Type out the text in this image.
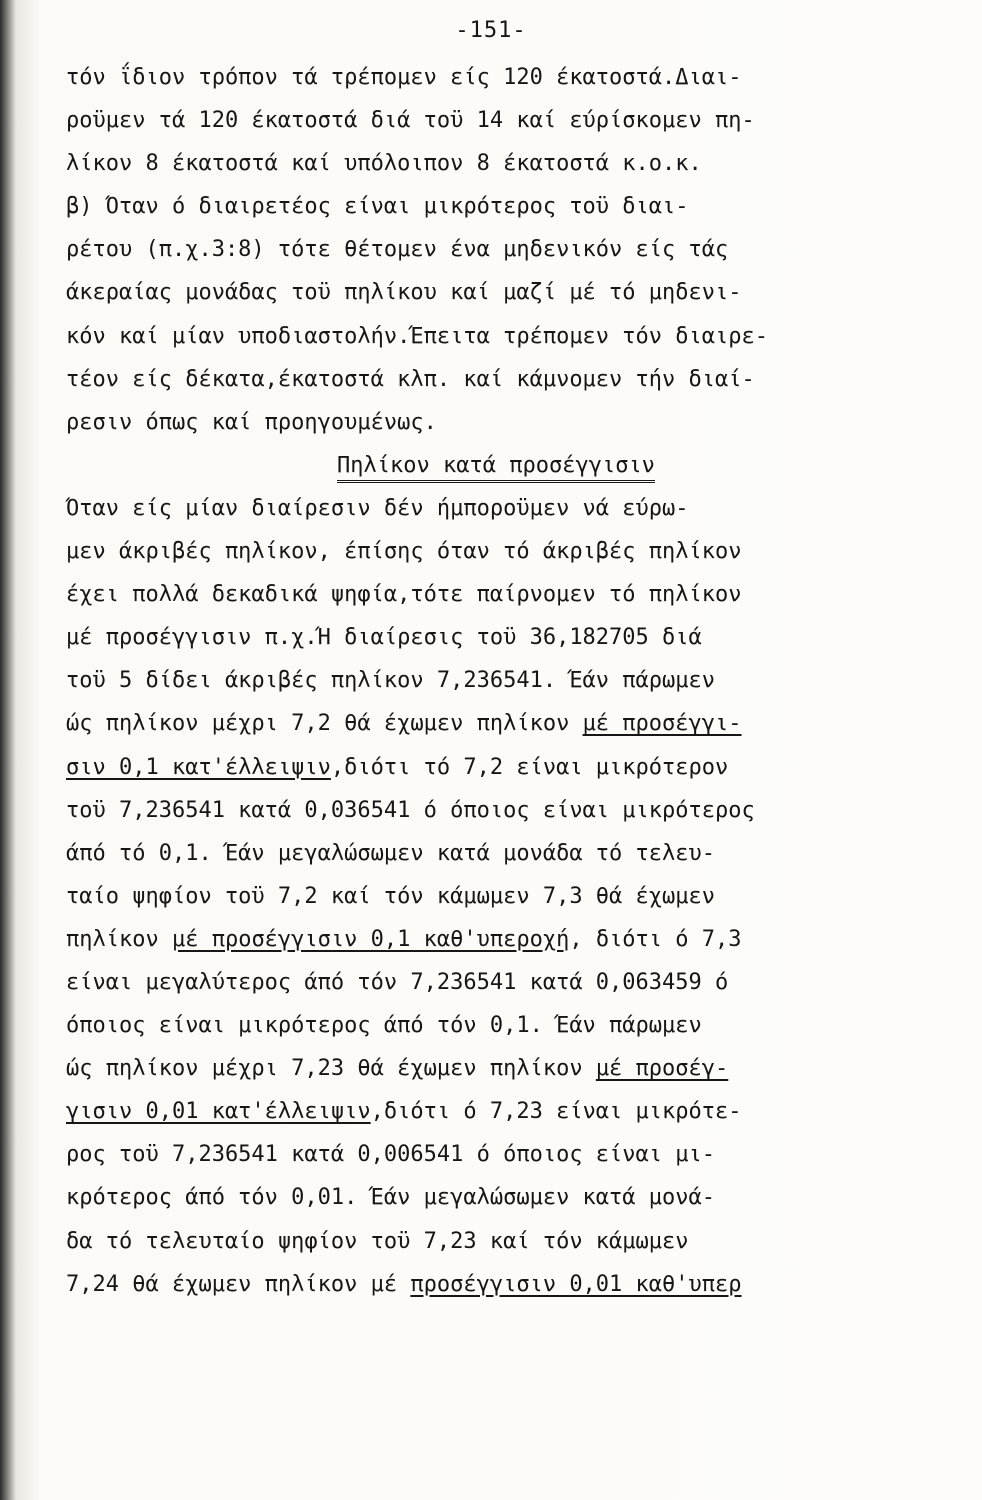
-151-
τόν ΐδιον τρόπον τά τρέπομεν είς 120 έκατοστά.Διαι-
ροϋμεν τά 120 έκατοστά διά τοϋ 14 καί εύρίσκομεν πη-
λίκον 8 έκατοστά καί υπόλοιπον 8 έκατοστά κ.ο.κ.
β) Όταν ό διαιρετέος είναι μικρότερος τοϋ διαι-
ρέτου (π.χ.3:8) τότε θέτομεν ένα μηδενικόν είς τάς
άκεραίας μονάδας τοϋ πηλίκου καί μαζί μέ τό μηδενι-
κόν καί μίαν υποδιαστολήν.Έπειτα τρέπομεν τόν διαιρε-
τέον είς δέκατα,έκατοστά κλπ. καί κάμνομεν τήν διαί-
ρεσιν όπως καί προηγουμένως.
Πηλίκον κατά προσέγγισιν
Όταν είς μίαν διαίρεσιν δέν ήμποροϋμεν νά εύρω-
μεν άκριβές πηλίκον, έπίσης όταν τό άκριβές πηλίκον
έχει πολλά δεκαδικά ψηφία,τότε παίρνομεν τό πηλίκον
μέ προσέγγισιν π.χ.Ή διαίρεσις τοϋ 36,182705 διά
τοϋ 5 δίδει άκριβές πηλίκον 7,236541. Έάν πάρωμεν
ώς πηλίκον μέχρι 7,2 θά έχωμεν πηλίκον μέ προσέγγι-
σιν 0,1 κατ'έλλειψιν,διότι τό 7,2 είναι μικρότερον
τοϋ 7,236541 κατά 0,036541 ό όποιος είναι μικρότερος
άπό τό 0,1. Έάν μεγαλώσωμεν κατά μονάδα τό τελευ-
ταίο ψηφίον τοϋ 7,2 καί τόν κάμωμεν 7,3 θά έχωμεν
πηλίκον μέ προσέγγισιν 0,1 καθ'υπεροχή, διότι ό 7,3
είναι μεγαλύτερος άπό τόν 7,236541 κατά 0,063459 ό
όποιος είναι μικρότερος άπό τόν 0,1. Έάν πάρωμεν
ώς πηλίκον μέχρι 7,23 θά έχωμεν πηλίκον μέ προσέγ-
γισιν 0,01 κατ'έλλειψιν,διότι ό 7,23 είναι μικρότε-
ρος τοϋ 7,236541 κατά 0,006541 ό όποιος είναι μι-
κρότερος άπό τόν 0,01. Έάν μεγαλώσωμεν κατά μονά-
δα τό τελευταίο ψηφίον τοϋ 7,23 καί τόν κάμωμεν
7,24 θά έχωμεν πηλίκον μέ προσέγγισιν 0,01 καθ'υπερ
